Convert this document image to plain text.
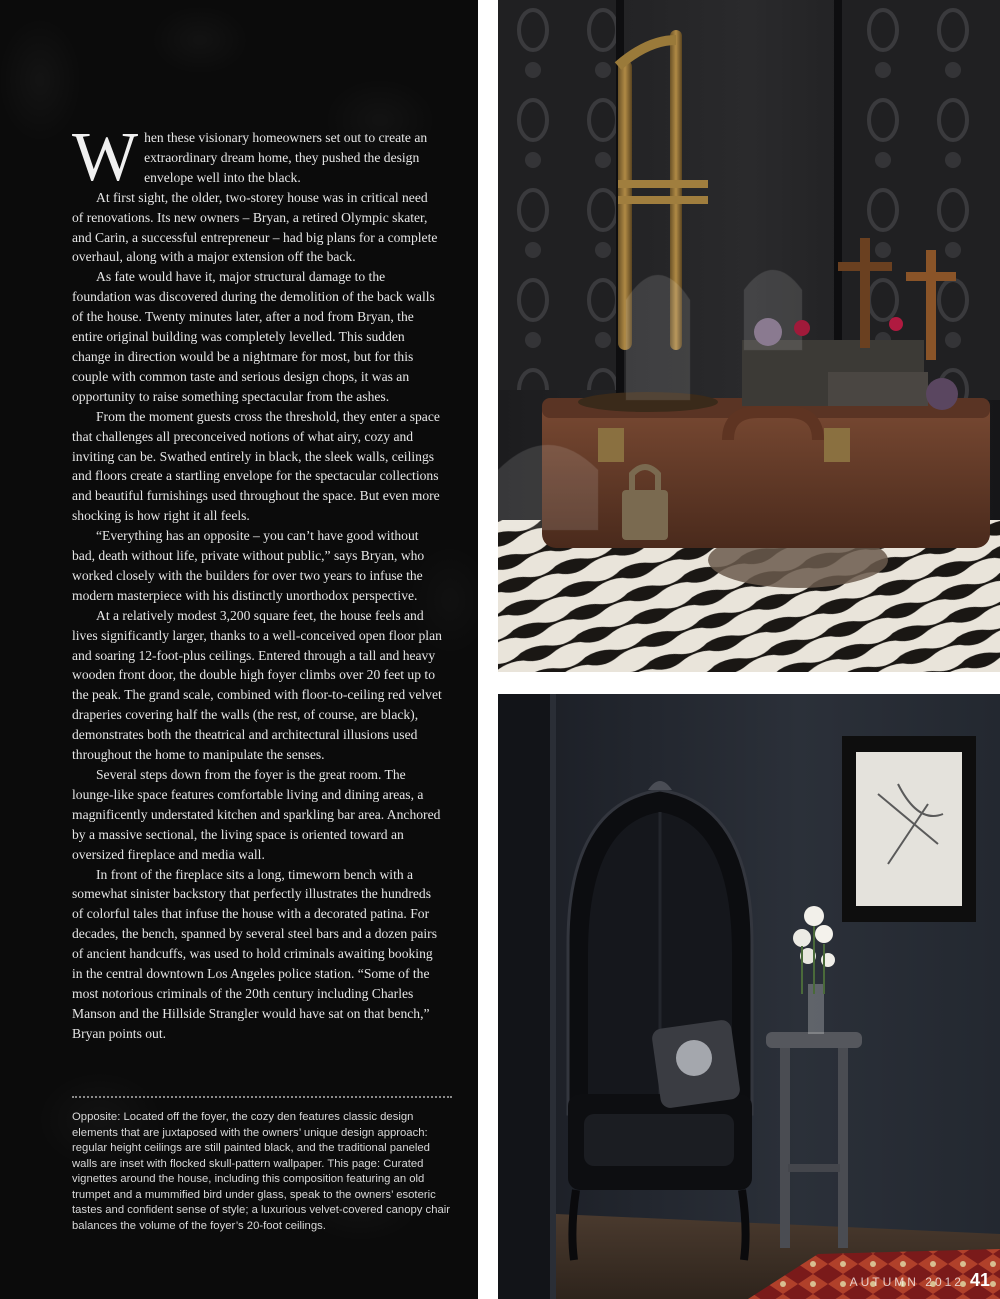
When these visionary homeowners set out to create an extraordinary dream home, they pushed the design envelope well into the black.

At first sight, the older, two-storey house was in critical need of renovations. Its new owners – Bryan, a retired Olympic skater, and Carin, a successful entrepreneur – had big plans for a complete overhaul, along with a major extension off the back.

As fate would have it, major structural damage to the foundation was discovered during the demolition of the back walls of the house. Twenty minutes later, after a nod from Bryan, the entire original building was completely levelled. This sudden change in direction would be a nightmare for most, but for this couple with common taste and serious design chops, it was an opportunity to raise something spectacular from the ashes.

From the moment guests cross the threshold, they enter a space that challenges all preconceived notions of what airy, cozy and inviting can be. Swathed entirely in black, the sleek walls, ceilings and floors create a startling envelope for the spectacular collections and beautiful furnishings used throughout the space. But even more shocking is how right it all feels.

“Everything has an opposite – you can’t have good without bad, death without life, private without public,” says Bryan, who worked closely with the builders for over two years to infuse the modern masterpiece with his distinctly unorthodox perspective.

At a relatively modest 3,200 square feet, the house feels and lives significantly larger, thanks to a well-conceived open floor plan and soaring 12-foot-plus ceilings. Entered through a tall and heavy wooden front door, the double high foyer climbs over 20 feet up to the peak. The grand scale, combined with floor-to-ceiling red velvet draperies covering half the walls (the rest, of course, are black), demonstrates both the theatrical and architectural illusions used throughout the home to manipulate the senses.

Several steps down from the foyer is the great room. The lounge-like space features comfortable living and dining areas, a magnificently understated kitchen and sparkling bar area. Anchored by a massive sectional, the living space is oriented toward an oversized fireplace and media wall.

In front of the fireplace sits a long, timeworn bench with a somewhat sinister backstory that perfectly illustrates the hundreds of colorful tales that infuse the house with a decorated patina. For decades, the bench, spanned by several steel bars and a dozen pairs of ancient handcuffs, was used to hold criminals awaiting booking in the central downtown Los Angeles police station. “Some of the most notorious criminals of the 20th century including Charles Manson and the Hillside Strangler would have sat on that bench,” Bryan points out.

Opposite: Located off the foyer, the cozy den features classic design elements that are juxtaposed with the owners’ unique design approach: regular height ceilings are still painted black, and the traditional paneled walls are inset with flocked skull-pattern wallpaper. This page: Curated vignettes around the house, including this composition featuring an old trumpet and a mummified bird under glass, speak to the owners’ esoteric tastes and confident sense of style; a luxurious velvet-covered canopy chair balances the volume of the foyer’s 20-foot ceilings.
AUTUMN 2012 41
